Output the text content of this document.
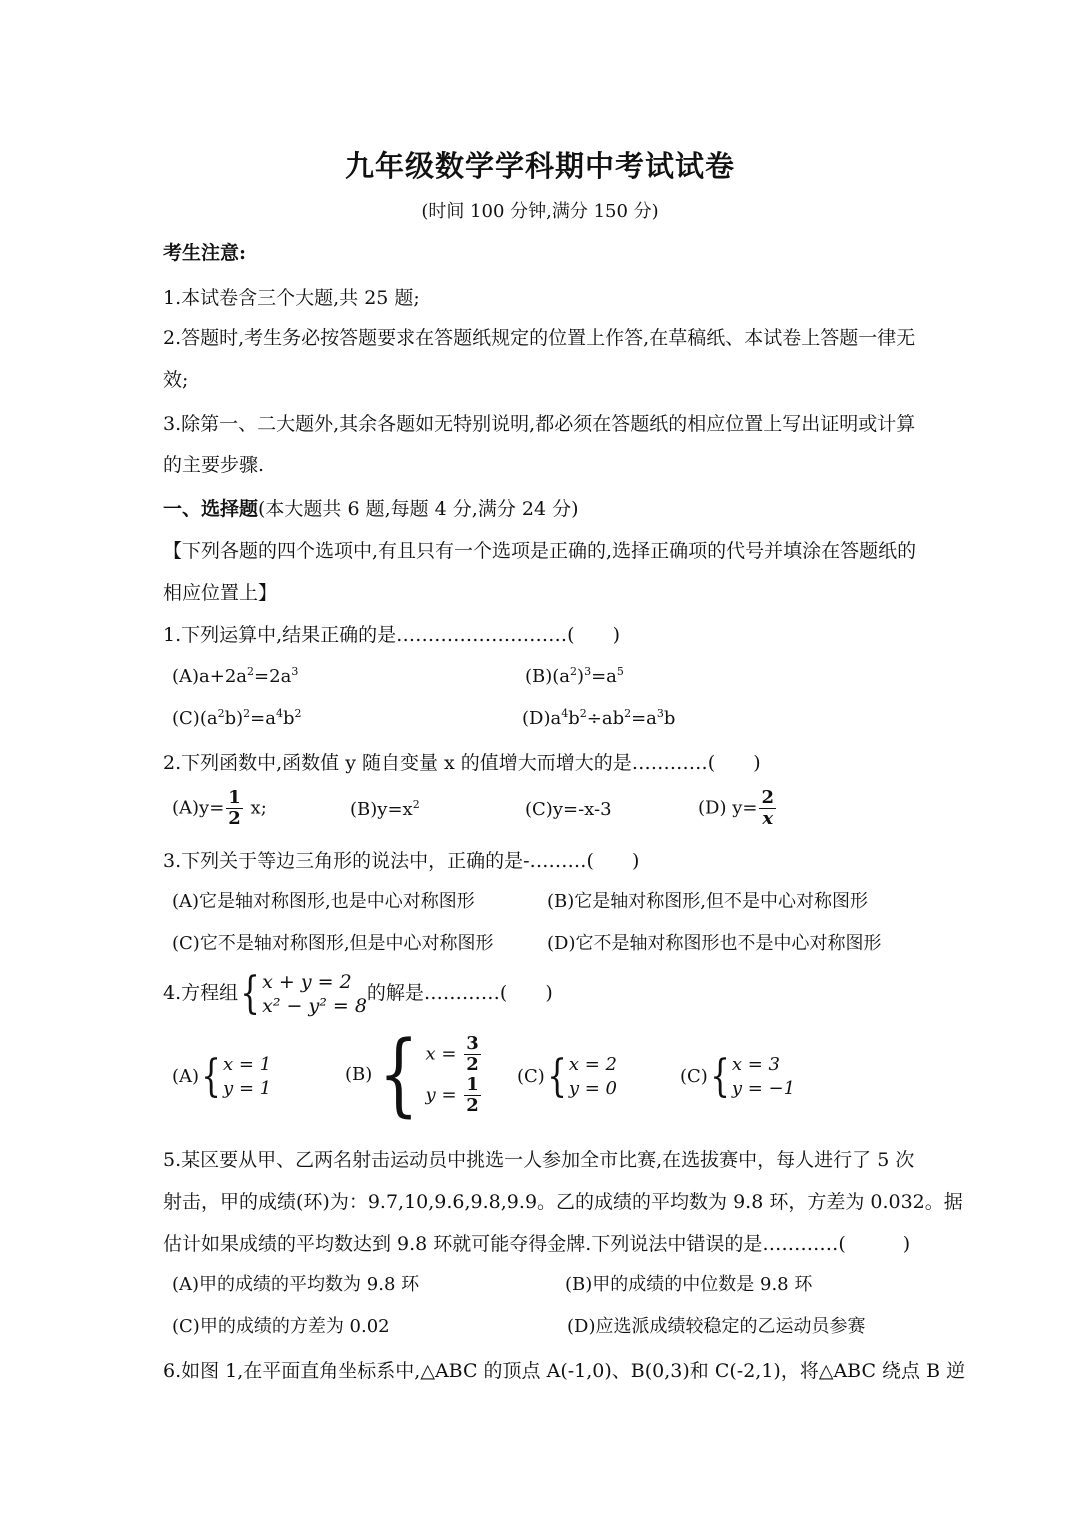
九年级数学学科期中考试试卷
(时间 100 分钟,满分 150 分)
考生注意:
1.本试卷含三个大题,共 25 题;
2.答题时,考生务必按答题要求在答题纸规定的位置上作答,在草稿纸、本试卷上答题一律无
效;
3.除第一、二大题外,其余各题如无特别说明,都必须在答题纸的相应位置上写出证明或计算
的主要步骤.
一、选择题(本大题共 6 题,每题 4 分,满分 24 分)
【下列各题的四个选项中,有且只有一个选项是正确的,选择正确项的代号并填涂在答题纸的
相应位置上】
1.下列运算中,结果正确的是………………………(　　)
$(A)a+2a^2=2a^3$	$(B)(a^2)^3=a^5$
$(C)(a^2b)^2=a^4b^2$	$(D)a^4b^2\div ab^2=a^3b$
2.下列函数中,函数值 y 随自变量 x 的值增大而增大的是…………(　　)
$(A)y= \frac{1}{2} x$;	$(B)y=x^2$	(C)y=-x-3	(D) $y= \frac{2}{x}$
3.下列关于等边三角形的说法中，正确的是-………(　　)
(A)它是轴对称图形,也是中心对称图形	(B)它是轴对称图形,但不是中心对称图形
(C)它不是轴对称图形,但是中心对称图形	(D)它不是轴对称图形也不是中心对称图形
4.方程组{ x + y = 2
x² − y² = 8
的解是…………(　　)
(A){ x = 1
y = 1
(B){ $x = \frac{3}{2}$
$y = \frac{1}{2} (C)${ x = 2
y = 0
(C){ x = 3
y = −1
5.某区要从甲、乙两名射击运动员中挑选一人参加全市比赛,在选拔赛中，每人进行了 5 次
射击，甲的成绩(环)为：9.7,10,9.6,9.8,9.9。乙的成绩的平均数为 9.8 环，方差为 0.032。据
估计如果成绩的平均数达到 9.8 环就可能夺得金牌.下列说法中错误的是…………(　　　)
(A)甲的成绩的平均数为 9.8 环	(B)甲的成绩的中位数是 9.8 环
(C)甲的成绩的方差为 0.02	(D)应选派成绩较稳定的乙运动员参赛
6.如图 1,在平面直角坐标系中,△ABC 的顶点 A(-1,0)、B(0,3)和 C(-2,1)，将△ABC 绕点 B 逆
